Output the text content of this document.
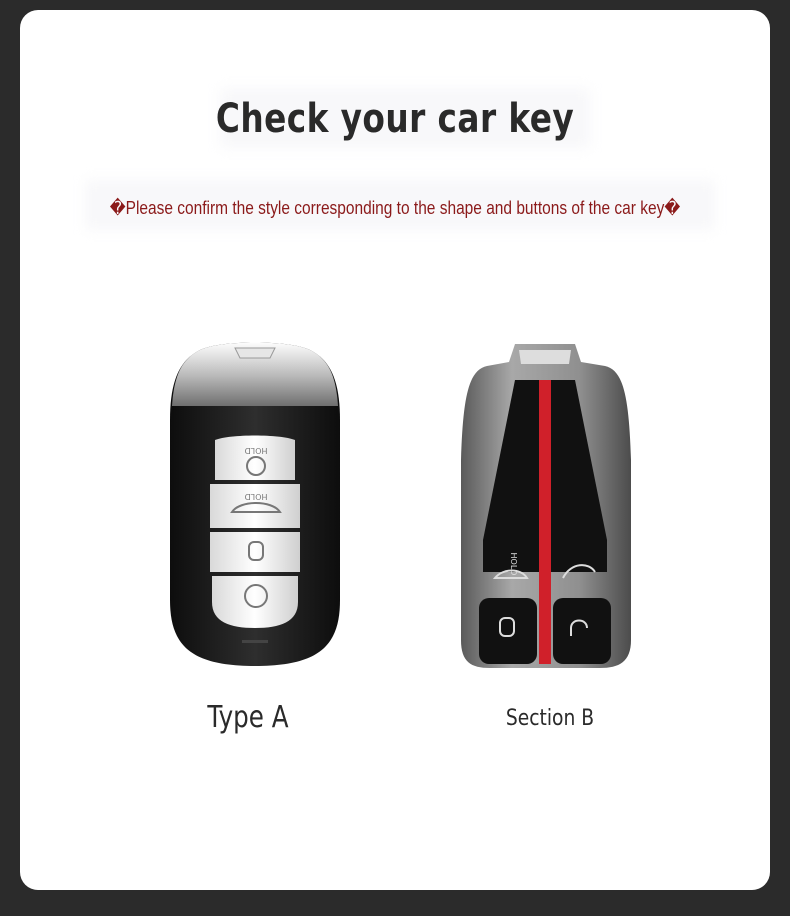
Check your car key
�Please confirm the style corresponding to the shape and buttons of the car key�
HOLD
HOLD
HOLD
Type A	Section B
